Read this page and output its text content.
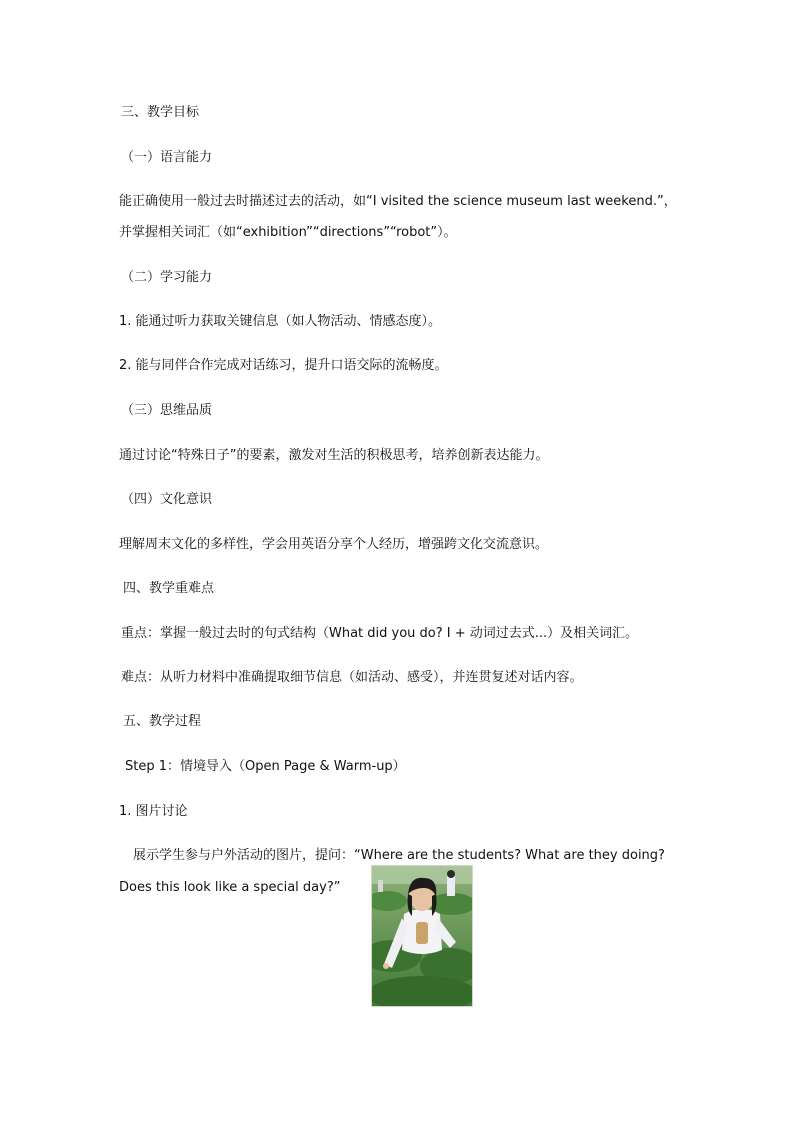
三、教学目标
（一）语言能力
能正确使用一般过去时描述过去的活动，如“I visited the science museum last weekend.”，
并掌握相关词汇（如“exhibition”“directions”“robot”）。
（二）学习能力
1. 能通过听力获取关键信息（如人物活动、情感态度）。
2. 能与同伴合作完成对话练习，提升口语交际的流畅度。
（三）思维品质
通过讨论“特殊日子”的要素，激发对生活的积极思考，培养创新表达能力。
（四）文化意识
理解周末文化的多样性，学会用英语分享个人经历，增强跨文化交流意识。
四、教学重难点
重点：掌握一般过去时的句式结构（What did you do? I + 动词过去式...）及相关词汇。
难点：从听力材料中准确提取细节信息（如活动、感受），并连贯复述对话内容。
五、教学过程
Step 1：情境导入（Open Page & Warm-up）
1. 图片讨论
展示学生参与户外活动的图片，提问：“Where are the students? What are they doing?
Does this look like a special day?”
